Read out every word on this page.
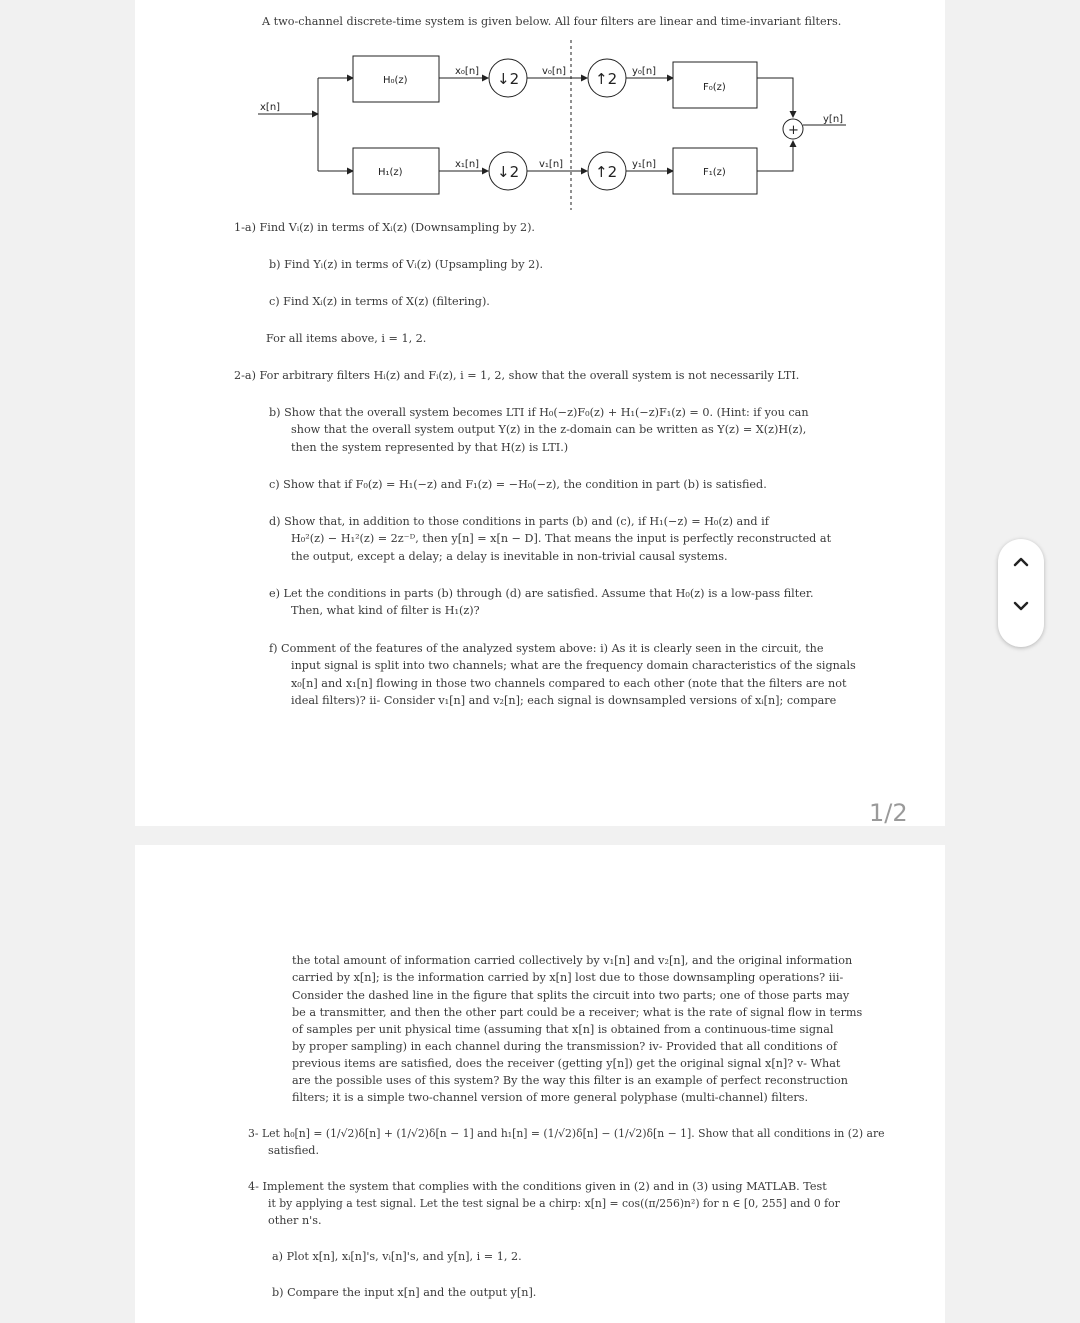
A two-channel discrete-time system is given below. All four filters are linear and time-invariant filters.
x[n]
H₀(z)
H₁(z)
x₀[n]
x₁[n]
↓2
↓2
v₀[n]
v₁[n]
↑2
↑2
y₀[n]
y₁[n]
F₀(z)
F₁(z)
+
y[n]
1-a) Find Vᵢ(z) in terms of Xᵢ(z) (Downsampling by 2).
b) Find Yᵢ(z) in terms of Vᵢ(z) (Upsampling by 2).
c) Find Xᵢ(z) in terms of X(z) (filtering).
For all items above, i = 1, 2.
2-a) For arbitrary filters Hᵢ(z) and Fᵢ(z), i = 1, 2, show that the overall system is not necessarily LTI.
b) Show that the overall system becomes LTI if H₀(−z)F₀(z) + H₁(−z)F₁(z) = 0. (Hint: if you can
show that the overall system output Y(z) in the z-domain can be written as Y(z) = X(z)H(z),
then the system represented by that H(z) is LTI.)
c) Show that if F₀(z) = H₁(−z) and F₁(z) = −H₀(−z), the condition in part (b) is satisfied.
d) Show that, in addition to those conditions in parts (b) and (c), if H₁(−z) = H₀(z) and if
H₀²(z) − H₁²(z) = 2z⁻ᴰ, then y[n] = x[n − D]. That means the input is perfectly reconstructed at
the output, except a delay; a delay is inevitable in non-trivial causal systems.
e) Let the conditions in parts (b) through (d) are satisfied. Assume that H₀(z) is a low-pass filter.
Then, what kind of filter is H₁(z)?
f) Comment of the features of the analyzed system above: i) As it is clearly seen in the circuit, the
input signal is split into two channels; what are the frequency domain characteristics of the signals
x₀[n] and x₁[n] flowing in those two channels compared to each other (note that the filters are not
ideal filters)? ii- Consider v₁[n] and v₂[n]; each signal is downsampled versions of xᵢ[n]; compare
1/2
the total amount of information carried collectively by v₁[n] and v₂[n], and the original information
carried by x[n]; is the information carried by x[n] lost due to those downsampling operations? iii-
Consider the dashed line in the figure that splits the circuit into two parts; one of those parts may
be a transmitter, and then the other part could be a receiver; what is the rate of signal flow in terms
of samples per unit physical time (assuming that x[n] is obtained from a continuous-time signal
by proper sampling) in each channel during the transmission? iv- Provided that all conditions of
previous items are satisfied, does the receiver (getting y[n]) get the original signal x[n]? v- What
are the possible uses of this system? By the way this filter is an example of perfect reconstruction
filters; it is a simple two-channel version of more general polyphase (multi-channel) filters.
3- Let h₀[n] = (1/√2)δ[n] + (1/√2)δ[n − 1] and h₁[n] = (1/√2)δ[n] − (1/√2)δ[n − 1]. Show that all conditions in (2) are
satisfied.
4- Implement the system that complies with the conditions given in (2) and in (3) using MATLAB. Test
it by applying a test signal. Let the test signal be a chirp: x[n] = cos((π/256)n²) for n ∈ [0, 255] and 0 for
other n's.
a) Plot x[n], xᵢ[n]'s, vᵢ[n]'s, and y[n], i = 1, 2.
b) Compare the input x[n] and the output y[n].
